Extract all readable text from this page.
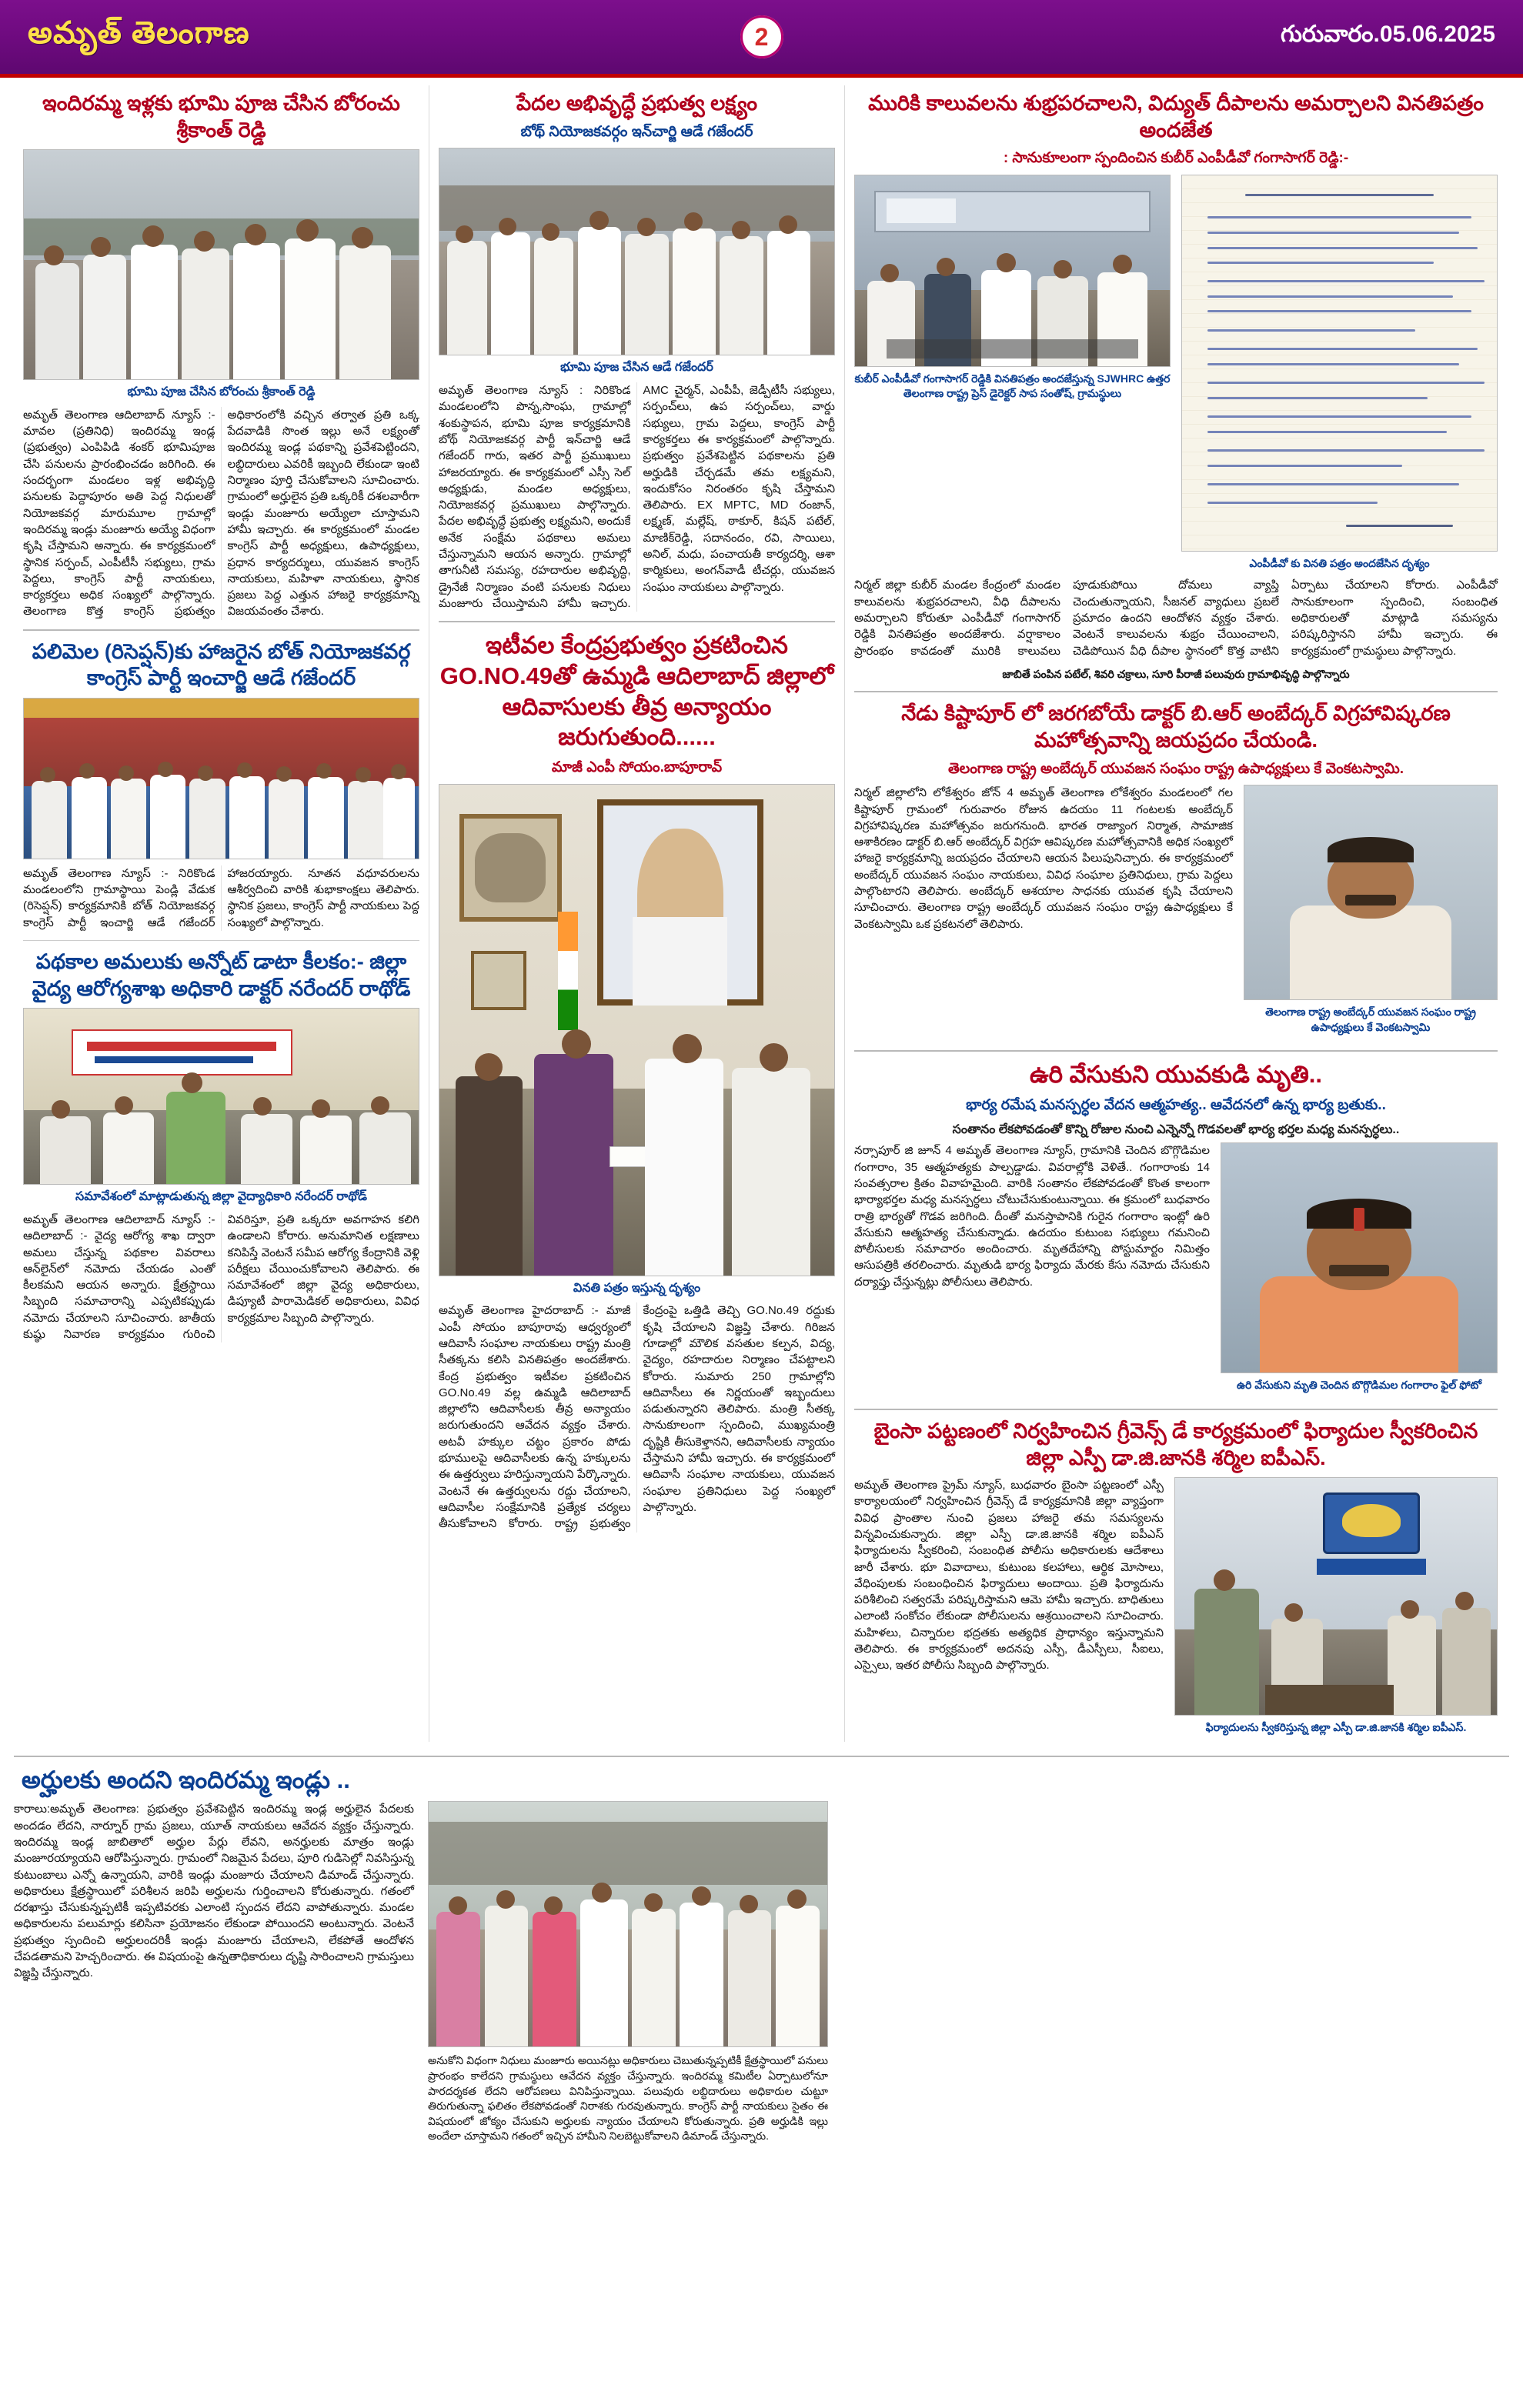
అమృత్ తెలంగాణ	2	గురువారం.05.06.2025
ఇందిరమ్మ ఇళ్లకు భూమి పూజ చేసిన బోరంచు శ్రీకాంత్ రెడ్డి
భూమి పూజ చేసిన బోరంచు శ్రీకాంత్ రెడ్డి
అమృత్ తెలంగాణ ఆదిలాబాద్ న్యూస్ :- మావల (ప్రతినిధి) ఇందిరమ్మ ఇండ్ల (ప్రభుత్వం) ఎంపిపిడి శంకర్ భూమిపూజ చేసి పనులను ప్రారంభించడం జరిగింది. ఈ సందర్భంగా మండలం ఇళ్ల అభివృద్ధి పనులకు పెద్దాపూరం అతి పెద్ద నిధులతో నియోజకవర్గ మారుమూల గ్రామాల్లో ఇందిరమ్మ ఇండ్లు మంజూరు అయ్యే విధంగా కృషి చేస్తామని అన్నారు. ఈ కార్యక్రమంలో స్థానిక సర్పంచ్, ఎంపీటీసీ సభ్యులు, గ్రామ పెద్దలు, కాంగ్రెస్ పార్టీ నాయకులు, కార్యకర్తలు అధిక సంఖ్యలో పాల్గొన్నారు. తెలంగాణ కొత్త కాంగ్రెస్ ప్రభుత్వం అధికారంలోకి వచ్చిన తర్వాత ప్రతి ఒక్క పేదవాడికి సొంత ఇల్లు అనే లక్ష్యంతో ఇందిరమ్మ ఇండ్ల పథకాన్ని ప్రవేశపెట్టిందని, లబ్ధిదారులు ఎవరికీ ఇబ్బంది లేకుండా ఇంటి నిర్మాణం పూర్తి చేసుకోవాలని సూచించారు. గ్రామంలో అర్హులైన ప్రతి ఒక్కరికీ దశలవారీగా ఇండ్లు మంజూరు అయ్యేలా చూస్తామని హామీ ఇచ్చారు. ఈ కార్యక్రమంలో మండల కాంగ్రెస్ పార్టీ అధ్యక్షులు, ఉపాధ్యక్షులు, ప్రధాన కార్యదర్శులు, యువజన కాంగ్రెస్ నాయకులు, మహిళా నాయకులు, స్థానిక ప్రజలు పెద్ద ఎత్తున హాజరై కార్యక్రమాన్ని విజయవంతం చేశారు.
పలిమెల (రిసెప్షన్)కు హాజరైన బోత్ నియోజకవర్గ కాంగ్రెస్ పార్టీ ఇంచార్జి ఆడే గజేందర్
అమృత్ తెలంగాణ న్యూస్ :- నిరికొండ మండలంలోని గ్రామాస్థాయి పెండ్లి వేడుక (రిసెప్షన్) కార్యక్రమానికి బోత్ నియోజకవర్గ కాంగ్రెస్ పార్టీ ఇంచార్జి ఆడే గజేందర్ హాజరయ్యారు. నూతన వధూవరులను ఆశీర్వదించి వారికి శుభాకాంక్షలు తెలిపారు. స్థానిక ప్రజలు, కాంగ్రెస్ పార్టీ నాయకులు పెద్ద సంఖ్యలో పాల్గొన్నారు.
పథకాల అమలుకు అన్నోట్ డాటా కీలకం:- జిల్లా వైద్య ఆరోగ్యశాఖ అధికారి డాక్టర్ నరేందర్ రాథోడ్
సమావేశంలో మాట్లాడుతున్న జిల్లా వైద్యాధికారి నరేందర్ రాథోడ్
అమృత్ తెలంగాణ ఆదిలాబాద్ న్యూస్ :- ఆదిలాబాద్ :- వైద్య ఆరోగ్య శాఖ ద్వారా అమలు చేస్తున్న పథకాల వివరాలు ఆన్‌లైన్‌లో నమోదు చేయడం ఎంతో కీలకమని ఆయన అన్నారు. క్షేత్రస్థాయి సిబ్బంది సమాచారాన్ని ఎప్పటికప్పుడు నమోదు చేయాలని సూచించారు. జాతీయ కుష్ఠు నివారణ కార్యక్రమం గురించి వివరిస్తూ, ప్రతి ఒక్కరూ అవగాహన కలిగి ఉండాలని కోరారు. అనుమానిత లక్షణాలు కనిపిస్తే వెంటనే సమీప ఆరోగ్య కేంద్రానికి వెళ్లి పరీక్షలు చేయించుకోవాలని తెలిపారు. ఈ సమావేశంలో జిల్లా వైద్య అధికారులు, డిప్యూటీ పారామెడికల్ అధికారులు, వివిధ కార్యక్రమాల సిబ్బంది పాల్గొన్నారు.
పేదల అభివృద్ధే ప్రభుత్వ లక్ష్యం
బోథ్ నియోజకవర్గం ఇన్‌చార్జి ఆడే గజేందర్
భూమి పూజ చేసిన ఆడే గజేందర్
అమృత్ తెలంగాణ న్యూస్ : నిరికొండ మండలంలోని పొన్న,సొంఘ, గ్రామాల్లో శంకుస్థాపన, భూమి పూజ కార్యక్రమానికి బోథ్ నియోజకవర్గ పార్టీ ఇన్‌చార్జి ఆడే గజేందర్ గారు, ఇతర పార్టీ ప్రముఖులు హాజరయ్యారు. ఈ కార్యక్రమంలో ఎస్సీ సెల్ అధ్యక్షుడు, మండల అధ్యక్షులు, నియోజకవర్గ ప్రముఖులు పాల్గొన్నారు. పేదల అభివృద్ధే ప్రభుత్వ లక్ష్యమని, అందుకే అనేక సంక్షేమ పథకాలు అమలు చేస్తున్నామని ఆయన అన్నారు. గ్రామాల్లో తాగునీటి సమస్య, రహదారుల అభివృద్ధి, డ్రైనేజీ నిర్మాణం వంటి పనులకు నిధులు మంజూరు చేయిస్తామని హామీ ఇచ్చారు. AMC చైర్మన్, ఎంపీపీ, జెడ్పీటీసీ సభ్యులు, సర్పంచ్‌లు, ఉప సర్పంచ్‌లు, వార్డు సభ్యులు, గ్రామ పెద్దలు, కాంగ్రెస్ పార్టీ కార్యకర్తలు ఈ కార్యక్రమంలో పాల్గొన్నారు. ప్రభుత్వం ప్రవేశపెట్టిన పథకాలను ప్రతి అర్హుడికి చేర్చడమే తమ లక్ష్యమని, ఇందుకోసం నిరంతరం కృషి చేస్తామని తెలిపారు. EX MPTC, MD రంజాన్, లక్ష్మణ్, మల్లేష్, ఠాకూర్, కిషన్ పటేల్, మాణిక్‌రెడ్డి, సదానందం, రవి, సాయిలు, అనిల్, మధు, పంచాయతీ కార్యదర్శి, ఆశా కార్మికులు, అంగన్‌వాడీ టీచర్లు, యువజన సంఘం నాయకులు పాల్గొన్నారు.
ఇటీవల కేంద్రప్రభుత్వం ప్రకటించిన GO.NO.49తో ఉమ్మడి ఆదిలాబాద్ జిల్లాలో ఆదివాసులకు తీవ్ర అన్యాయం జరుగుతుంది......
మాజీ ఎంపీ సోయం.బాపూరావ్
వినతి పత్రం ఇస్తున్న దృశ్యం
అమృత్ తెలంగాణ హైదరాబాద్ :- మాజీ ఎంపీ సోయం బాపూరావు ఆధ్వర్యంలో ఆదివాసీ సంఘాల నాయకులు రాష్ట్ర మంత్రి సీతక్కను కలిసి వినతిపత్రం అందజేశారు. కేంద్ర ప్రభుత్వం ఇటీవల ప్రకటించిన GO.No.49 వల్ల ఉమ్మడి ఆదిలాబాద్ జిల్లాలోని ఆదివాసీలకు తీవ్ర అన్యాయం జరుగుతుందని ఆవేదన వ్యక్తం చేశారు. అటవీ హక్కుల చట్టం ప్రకారం పోడు భూములపై ఆదివాసీలకు ఉన్న హక్కులను ఈ ఉత్తర్వులు హరిస్తున్నాయని పేర్కొన్నారు. వెంటనే ఈ ఉత్తర్వులను రద్దు చేయాలని, ఆదివాసీల సంక్షేమానికి ప్రత్యేక చర్యలు తీసుకోవాలని కోరారు. రాష్ట్ర ప్రభుత్వం కేంద్రంపై ఒత్తిడి తెచ్చి GO.No.49 రద్దుకు కృషి చేయాలని విజ్ఞప్తి చేశారు. గిరిజన గూడాల్లో మౌలిక వసతుల కల్పన, విద్య, వైద్యం, రహదారుల నిర్మాణం చేపట్టాలని కోరారు. సుమారు 250 గ్రామాల్లోని ఆదివాసీలు ఈ నిర్ణయంతో ఇబ్బందులు పడుతున్నారని తెలిపారు. మంత్రి సీతక్క సానుకూలంగా స్పందించి, ముఖ్యమంత్రి దృష్టికి తీసుకెళ్తానని, ఆదివాసీలకు న్యాయం చేస్తామని హామీ ఇచ్చారు. ఈ కార్యక్రమంలో ఆదివాసీ సంఘాల నాయకులు, యువజన సంఘాల ప్రతినిధులు పెద్ద సంఖ్యలో పాల్గొన్నారు.
మురికి కాలువలను శుభ్రపరచాలని, విద్యుత్ దీపాలను అమర్చాలని వినతిపత్రం అందజేత
: సానుకూలంగా స్పందించిన కుబీర్ ఎంపీడీవో గంగాసాగర్ రెడ్డి:-
కుబీర్ ఎంపీడీవో గంగాసాగర్ రెడ్డికి వినతిపత్రం అందజేస్తున్న SJWHRC ఉత్తర తెలంగాణ రాష్ట్ర ప్రెస్ డైరెక్టర్ సాప సంతోష్, గ్రామస్థులు
ఎంపీడీవో కు వినతి పత్రం అందజేసిన దృశ్యం
నిర్మల్ జిల్లా కుబీర్ మండల కేంద్రంలో మండల కాలువలను శుభ్రపరచాలని, వీధి దీపాలను అమర్చాలని కోరుతూ ఎంపీడీవో గంగాసాగర్ రెడ్డికి వినతిపత్రం అందజేశారు. వర్షాకాలం ప్రారంభం కావడంతో మురికి కాలువలు పూడుకుపోయి దోమలు వ్యాప్తి చెందుతున్నాయని, సీజనల్ వ్యాధులు ప్రబలే ప్రమాదం ఉందని ఆందోళన వ్యక్తం చేశారు. వెంటనే కాలువలను శుభ్రం చేయించాలని, చెడిపోయిన వీధి దీపాల స్థానంలో కొత్త వాటిని ఏర్పాటు చేయాలని కోరారు. ఎంపీడీవో సానుకూలంగా స్పందించి, సంబంధిత అధికారులతో మాట్లాడి సమస్యను పరిష్కరిస్తానని హామీ ఇచ్చారు. ఈ కార్యక్రమంలో గ్రామస్థులు పాల్గొన్నారు.
జాబితే పంపిన పటేల్, శివరి చక్రాలు, సూరి పీరాజీ పలువురు గ్రామాభివృద్ధి పాల్గొన్నారు
నేడు కిష్టాపూర్ లో జరగబోయే డాక్టర్ బి.ఆర్ అంబేద్కర్ విగ్రహావిష్కరణ మహోత్సవాన్ని జయప్రదం చేయండి.
తెలంగాణ రాష్ట్ర అంబేద్కర్ యువజన సంఘం రాష్ట్ర ఉపాధ్యక్షులు కే వెంకటస్వామి.
నిర్మల్ జిల్లాలోని లోకేశ్వరం జోన్ 4 అమృత్ తెలంగాణ లోకేశ్వరం మండలంలో గల కిష్టాపూర్ గ్రామంలో గురువారం రోజున ఉదయం 11 గంటలకు అంబేద్కర్ విగ్రహావిష్కరణ మహోత్సవం జరుగనుంది. భారత రాజ్యాంగ నిర్మాత, సామాజిక ఆశాకిరణం డాక్టర్ బి.ఆర్ అంబేద్కర్ విగ్రహ ఆవిష్కరణ మహోత్సవానికి అధిక సంఖ్యలో హాజరై కార్యక్రమాన్ని జయప్రదం చేయాలని ఆయన పిలుపునిచ్చారు. ఈ కార్యక్రమంలో అంబేద్కర్ యువజన సంఘం నాయకులు, వివిధ సంఘాల ప్రతినిధులు, గ్రామ పెద్దలు పాల్గొంటారని తెలిపారు. అంబేద్కర్ ఆశయాల సాధనకు యువత కృషి చేయాలని సూచించారు. తెలంగాణ రాష్ట్ర అంబేద్కర్ యువజన సంఘం రాష్ట్ర ఉపాధ్యక్షులు కే వెంకటస్వామి ఒక ప్రకటనలో తెలిపారు.
తెలంగాణ రాష్ట్ర అంబేద్కర్ యువజన సంఘం రాష్ట్ర ఉపాధ్యక్షులు కే వెంకటస్వామి
ఉరి వేసుకుని యువకుడి మృతి..
భార్య రమేష మనస్పర్ధల వేదన ఆత్మహత్య.. ఆవేదనలో ఉన్న భార్య బ్రతుకు..
సంతానం లేకపోవడంతో కొన్ని రోజుల నుంచి ఎన్నెన్నో గొడవలతో భార్య భర్తల మధ్య మనస్పర్ధలు..
నర్సాపూర్ జి జూన్ 4 అమృత్ తెలంగాణ న్యూస్, గ్రామానికి చెందిన బొగ్గొడిమల గంగారాం, 35 ఆత్మహత్యకు పాల్పడ్డాడు. వివరాల్లోకి వెళితే.. గంగారాంకు 14 సంవత్సరాల క్రితం వివాహమైంది. వారికి సంతానం లేకపోవడంతో కొంత కాలంగా భార్యాభర్తల మధ్య మనస్పర్ధలు చోటుచేసుకుంటున్నాయి. ఈ క్రమంలో బుధవారం రాత్రి భార్యతో గొడవ జరిగింది. దీంతో మనస్తాపానికి గురైన గంగారాం ఇంట్లో ఉరి వేసుకుని ఆత్మహత్య చేసుకున్నాడు. ఉదయం కుటుంబ సభ్యులు గమనించి పోలీసులకు సమాచారం అందించారు. మృతదేహాన్ని పోస్టుమార్టం నిమిత్తం ఆసుపత్రికి తరలించారు. మృతుడి భార్య ఫిర్యాదు మేరకు కేసు నమోదు చేసుకుని దర్యాప్తు చేస్తున్నట్లు పోలీసులు తెలిపారు.
ఉరి వేసుకుని మృతి చెందిన బొగ్గొడిమల గంగారాం ఫైల్ ఫోటో
బైంసా పట్టణంలో నిర్వహించిన గ్రీవెన్స్ డే కార్యక్రమంలో ఫిర్యాదుల స్వీకరించిన జిల్లా ఎస్పీ డా.జి.జానకి శర్మిల ఐపీఎస్.
అమృత్ తెలంగాణ ప్రైమ్ న్యూస్, బుధవారం బైంసా పట్టణంలో ఎస్పీ కార్యాలయంలో నిర్వహించిన గ్రీవెన్స్ డే కార్యక్రమానికి జిల్లా వ్యాప్తంగా వివిధ ప్రాంతాల నుంచి ప్రజలు హాజరై తమ సమస్యలను విన్నవించుకున్నారు. జిల్లా ఎస్పీ డా.జి.జానకి శర్మిల ఐపీఎస్ ఫిర్యాదులను స్వీకరించి, సంబంధిత పోలీసు అధికారులకు ఆదేశాలు జారీ చేశారు. భూ వివాదాలు, కుటుంబ కలహాలు, ఆర్థిక మోసాలు, వేధింపులకు సంబంధించిన ఫిర్యాదులు అందాయి. ప్రతి ఫిర్యాదును పరిశీలించి సత్వరమే పరిష్కరిస్తామని ఆమె హామీ ఇచ్చారు. బాధితులు ఎలాంటి సంకోచం లేకుండా పోలీసులను ఆశ్రయించాలని సూచించారు. మహిళలు, చిన్నారుల భద్రతకు అత్యధిక ప్రాధాన్యం ఇస్తున్నామని తెలిపారు. ఈ కార్యక్రమంలో అదనపు ఎస్పీ, డీఎస్పీలు, సీఐలు, ఎస్సైలు, ఇతర పోలీసు సిబ్బంది పాల్గొన్నారు.
ఫిర్యాదులను స్వీకరిస్తున్న జిల్లా ఎస్పీ డా.జి.జానకి శర్మిల ఐపీఎస్.
అర్హులకు అందని ఇందిరమ్మ ఇండ్లు ..
కారాలు:అమృత్ తెలంగాణ: ప్రభుత్వం ప్రవేశపెట్టిన ఇందిరమ్మ ఇండ్ల అర్హులైన పేదలకు అందడం లేదని, నార్నూర్ గ్రామ ప్రజలు, యూత్ నాయకులు ఆవేదన వ్యక్తం చేస్తున్నారు. ఇందిరమ్మ ఇండ్ల జాబితాలో అర్హుల పేర్లు లేవని, అనర్హులకు మాత్రం ఇండ్లు మంజూరయ్యాయని ఆరోపిస్తున్నారు. గ్రామంలో నిజమైన పేదలు, పూరి గుడిసెల్లో నివసిస్తున్న కుటుంబాలు ఎన్నో ఉన్నాయని, వారికి ఇండ్లు మంజూరు చేయాలని డిమాండ్ చేస్తున్నారు. అధికారులు క్షేత్రస్థాయిలో పరిశీలన జరిపి అర్హులను గుర్తించాలని కోరుతున్నారు. గతంలో దరఖాస్తు చేసుకున్నప్పటికీ ఇప్పటివరకు ఎలాంటి స్పందన లేదని వాపోతున్నారు. మండల అధికారులను పలుమార్లు కలిసినా ప్రయోజనం లేకుండా పోయిందని అంటున్నారు. వెంటనే ప్రభుత్వం స్పందించి అర్హులందరికీ ఇండ్లు మంజూరు చేయాలని, లేకపోతే ఆందోళన చేపడతామని హెచ్చరించారు. ఈ విషయంపై ఉన్నతాధికారులు దృష్టి సారించాలని గ్రామస్తులు విజ్ఞప్తి చేస్తున్నారు.
అనుకోని విధంగా నిధులు మంజూరు అయినట్లు అధికారులు చెబుతున్నప్పటికీ క్షేత్రస్థాయిలో పనులు ప్రారంభం కాలేదని గ్రామస్థులు ఆవేదన వ్యక్తం చేస్తున్నారు. ఇందిరమ్మ కమిటీల ఏర్పాటులోనూ పారదర్శకత లేదని ఆరోపణలు వినిపిస్తున్నాయి. పలువురు లబ్ధిదారులు అధికారుల చుట్టూ తిరుగుతున్నా ఫలితం లేకపోవడంతో నిరాశకు గురవుతున్నారు. కాంగ్రెస్ పార్టీ నాయకులు సైతం ఈ విషయంలో జోక్యం చేసుకుని అర్హులకు న్యాయం చేయాలని కోరుతున్నారు. ప్రతి అర్హుడికి ఇల్లు అందేలా చూస్తామని గతంలో ఇచ్చిన హామీని నిలబెట్టుకోవాలని డిమాండ్ చేస్తున్నారు.
